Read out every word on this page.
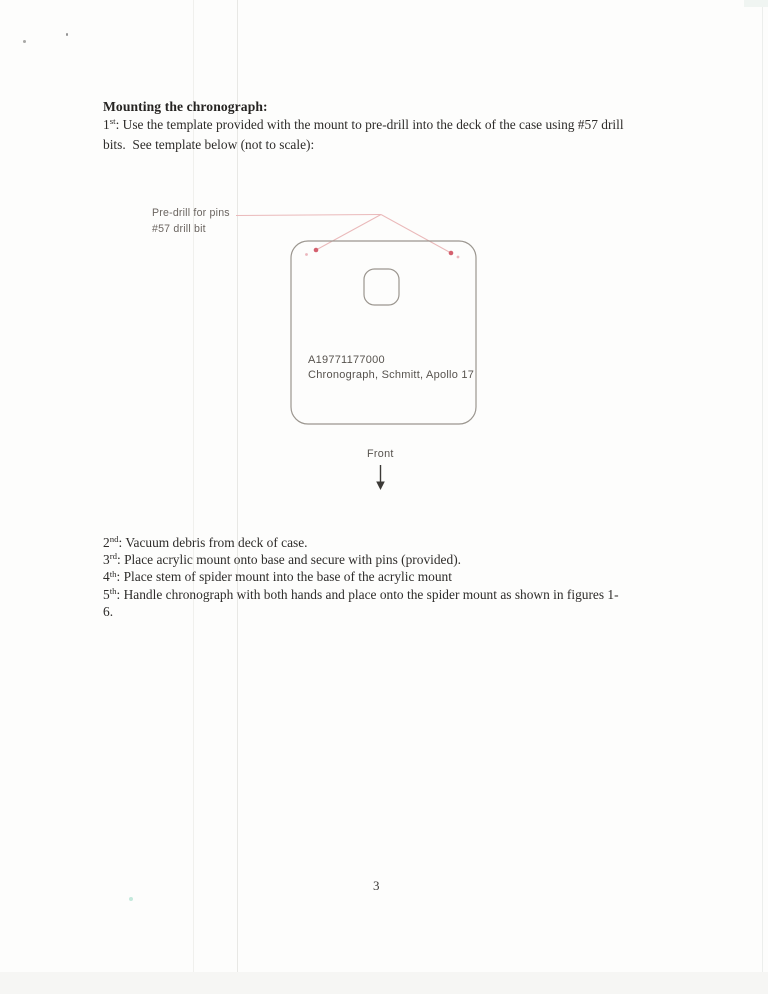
Mounting the chronograph:
1st: Use the template provided with the mount to pre-drill into the deck of the case using #57 drill
bits.  See template below (not to scale):
Pre-drill for pins
#57 drill bit
A19771177000
Chronograph, Schmitt, Apollo 17
Front
2nd: Vacuum debris from deck of case.
3rd: Place acrylic mount onto base and secure with pins (provided).
4th: Place stem of spider mount into the base of the acrylic mount
5th: Handle chronograph with both hands and place onto the spider mount as shown in figures 1-
6.
3
